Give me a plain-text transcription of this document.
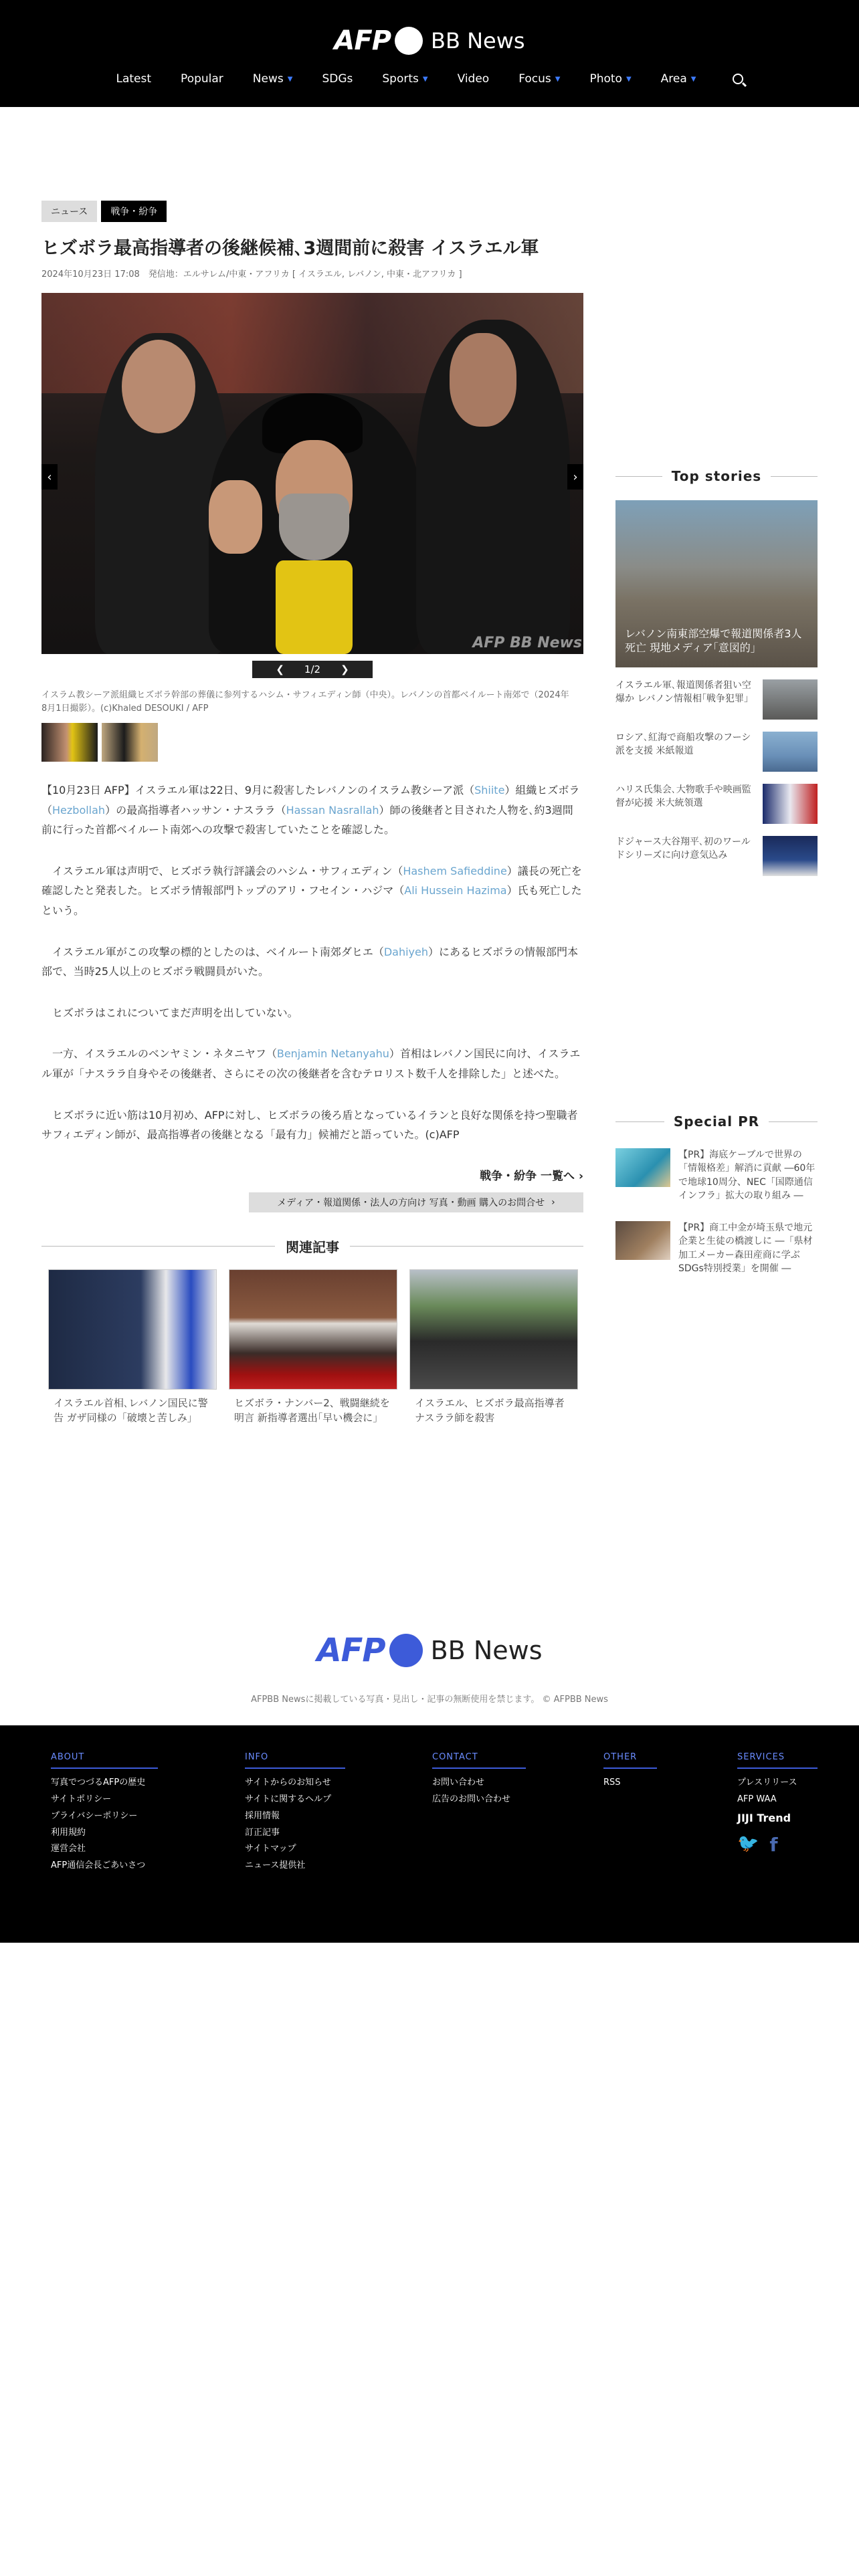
AFP BB News
Latest	Popular	News ▼	SDGs	Sports ▼	Video	Focus ▼	Photo ▼	Area ▼
ニュース	戦争・紛争
ヒズボラ最高指導者の後継候補､3週間前に殺害 イスラエル軍
2024年10月23日 17:08　発信地：エルサレム/中東・アフリカ [ イスラエル, レバノン, 中東・北アフリカ ]
‹	›
AFP BB News
❮ 1/2 ❯
イスラム教シーア派組織ヒズボラ幹部の葬儀に参列するハシム・サフィエディン師（中央）。レバノンの首都ベイルート南郊で（2024年8月1日撮影）。(c)Khaled DESOUKI / AFP

【10月23日 AFP】イスラエル軍は22日、9月に殺害したレバノンのイスラム教シーア派（Shiite）組織ヒズボラ（Hezbollah）の最高指導者ハッサン・ナスララ（Hassan Nasrallah）師の後継者と目された人物を､約3週間前に行った首都ベイルート南郊への攻撃で殺害していたことを確認した。

　イスラエル軍は声明で、ヒズボラ執行評議会のハシム・サフィエディン（Hashem Safieddine）議長の死亡を確認したと発表した。ヒズボラ情報部門トップのアリ・フセイン・ハジマ（Ali Hussein Hazima）氏も死亡したという。

　イスラエル軍がこの攻撃の標的としたのは、ベイルート南郊ダヒエ（Dahiyeh）にあるヒズボラの情報部門本部で、当時25人以上のヒズボラ戦闘員がいた。

　ヒズボラはこれについてまだ声明を出していない。

　一方、イスラエルのベンヤミン・ネタニヤフ（Benjamin Netanyahu）首相はレバノン国民に向け、イスラエル軍が「ナスララ自身やその後継者、さらにその次の後継者を含むテロリスト数千人を排除した」と述べた。

　ヒズボラに近い筋は10月初め、AFPに対し、ヒズボラの後ろ盾となっているイランと良好な関係を持つ聖職者サフィエディン師が、最高指導者の後継となる「最有力」候補だと語っていた。(c)AFP

戦争・紛争 一覧へ ›
メディア・報道関係・法人の方向け 写真・動画 購入のお問合せ ›
関連記事
イスラエル首相､レバノン国民に警告 ガザ同様の「破壊と苦しみ」
ヒズボラ・ナンバー2、戦闘継続を明言 新指導者選出｢早い機会に｣
イスラエル、ヒズボラ最高指導者ナスララ師を殺害
Top stories
レバノン南東部空爆で報道関係者3人死亡 現地メディア｢意図的｣
イスラエル軍､報道関係者狙い空爆か レバノン情報相｢戦争犯罪｣
ロシア､紅海で商船攻撃のフーシ派を支援 米紙報道
ハリス氏集会､大物歌手や映画監督が応援 米大統領選
ドジャース大谷翔平､初のワールドシリーズに向け意気込み
Special PR
【PR】海底ケーブルで世界の「情報格差」解消に貢献 ―60年で地球10周分、NEC「国際通信インフラ」拡大の取り組み ―
【PR】商工中金が埼玉県で地元企業と生徒の橋渡しに ―「県材加工メーカー森田産商に学ぶSDGs特別授業」を開催 ―
AFP BB News
AFPBB Newsに掲載している写真・見出し・記事の無断使用を禁じます。 © AFPBB News
ABOUT
写真でつづるAFPの歴史
サイトポリシー
プライバシーポリシー
利用規約
運営会社
AFP通信会長ごあいさつ
INFO
サイトからのお知らせ
サイトに関するヘルプ
採用情報
訂正記事
サイトマップ
ニュース提供社
CONTACT
お問い合わせ
広告のお問い合わせ
OTHER
RSS
SERVICES
プレスリリース
AFP WAA
JIJI Trend
🐦 f
